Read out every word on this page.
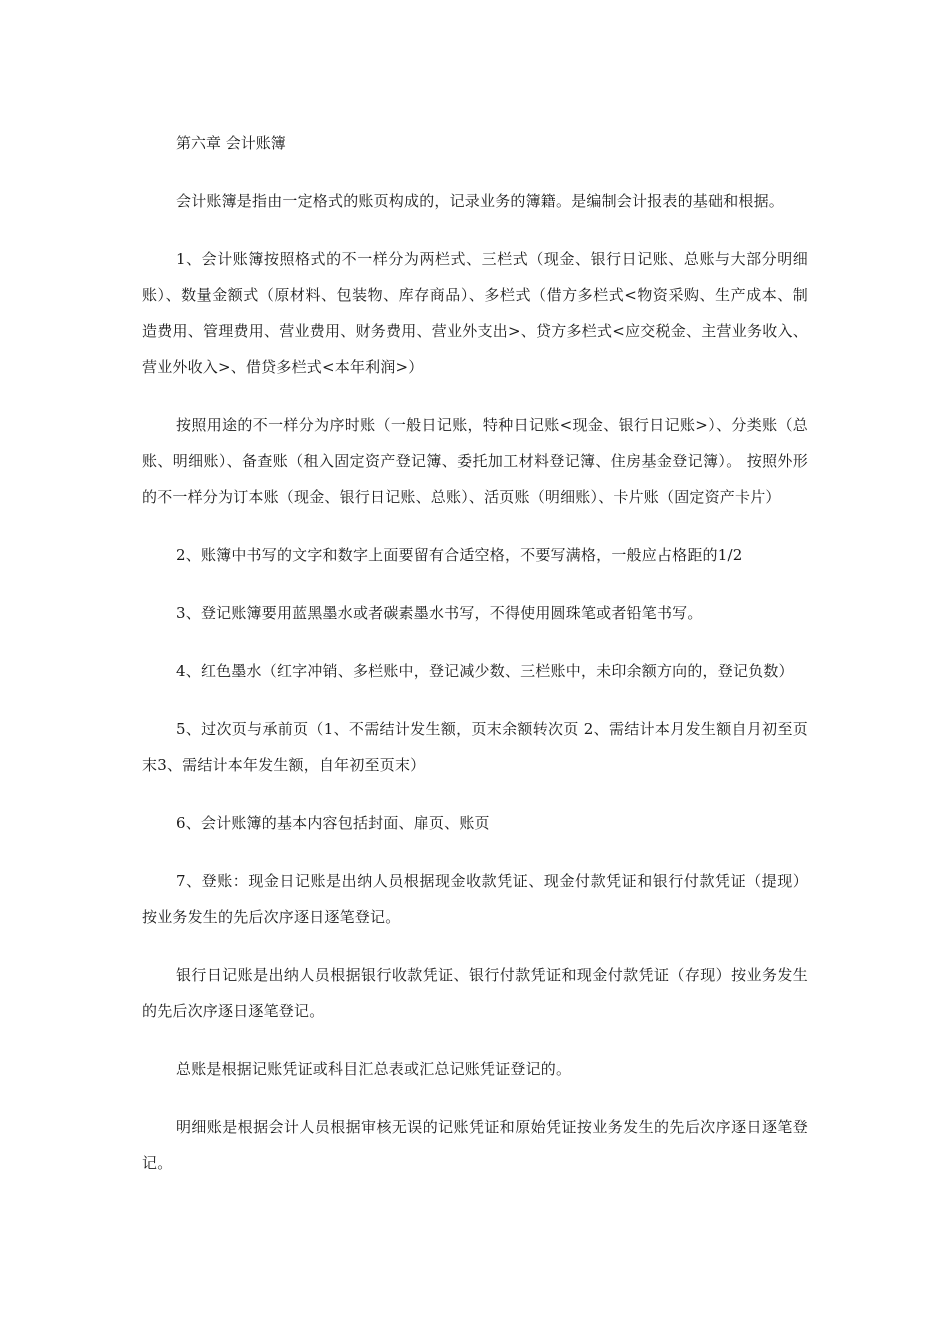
第六章 会计账簿

会计账簿是指由一定格式的账页构成的，记录业务的簿籍。是编制会计报表的基础和根据。

1、会计账簿按照格式的不一样分为两栏式、三栏式（现金、银行日记账、总账与大部分明细账）、数量金额式（原材料、包装物、库存商品）、多栏式（借方多栏式<物资采购、生产成本、制造费用、管理费用、营业费用、财务费用、营业外支出>、贷方多栏式<应交税金、主营业务收入、营业外收入>、借贷多栏式<本年利润>）

按照用途的不一样分为序时账（一般日记账，特种日记账<现金、银行日记账>）、分类账（总账、明细账）、备查账（租入固定资产登记簿、委托加工材料登记簿、住房基金登记簿）。 按照外形的不一样分为订本账（现金、银行日记账、总账）、活页账（明细账）、卡片账（固定资产卡片）

2、账簿中书写的文字和数字上面要留有合适空格，不要写满格，一般应占格距的1/2

3、登记账簿要用蓝黑墨水或者碳素墨水书写，不得使用圆珠笔或者铅笔书写。

4、红色墨水（红字冲销、多栏账中，登记减少数、三栏账中，未印余额方向的，登记负数）

5、过次页与承前页（1、不需结计发生额，页末余额转次页 2、需结计本月发生额自月初至页末3、需结计本年发生额，自年初至页末）

6、会计账簿的基本内容包括封面、扉页、账页

7、登账：现金日记账是出纳人员根据现金收款凭证、现金付款凭证和银行付款凭证（提现）按业务发生的先后次序逐日逐笔登记。

银行日记账是出纳人员根据银行收款凭证、银行付款凭证和现金付款凭证（存现）按业务发生的先后次序逐日逐笔登记。

总账是根据记账凭证或科目汇总表或汇总记账凭证登记的。

明细账是根据会计人员根据审核无误的记账凭证和原始凭证按业务发生的先后次序逐日逐笔登记。
